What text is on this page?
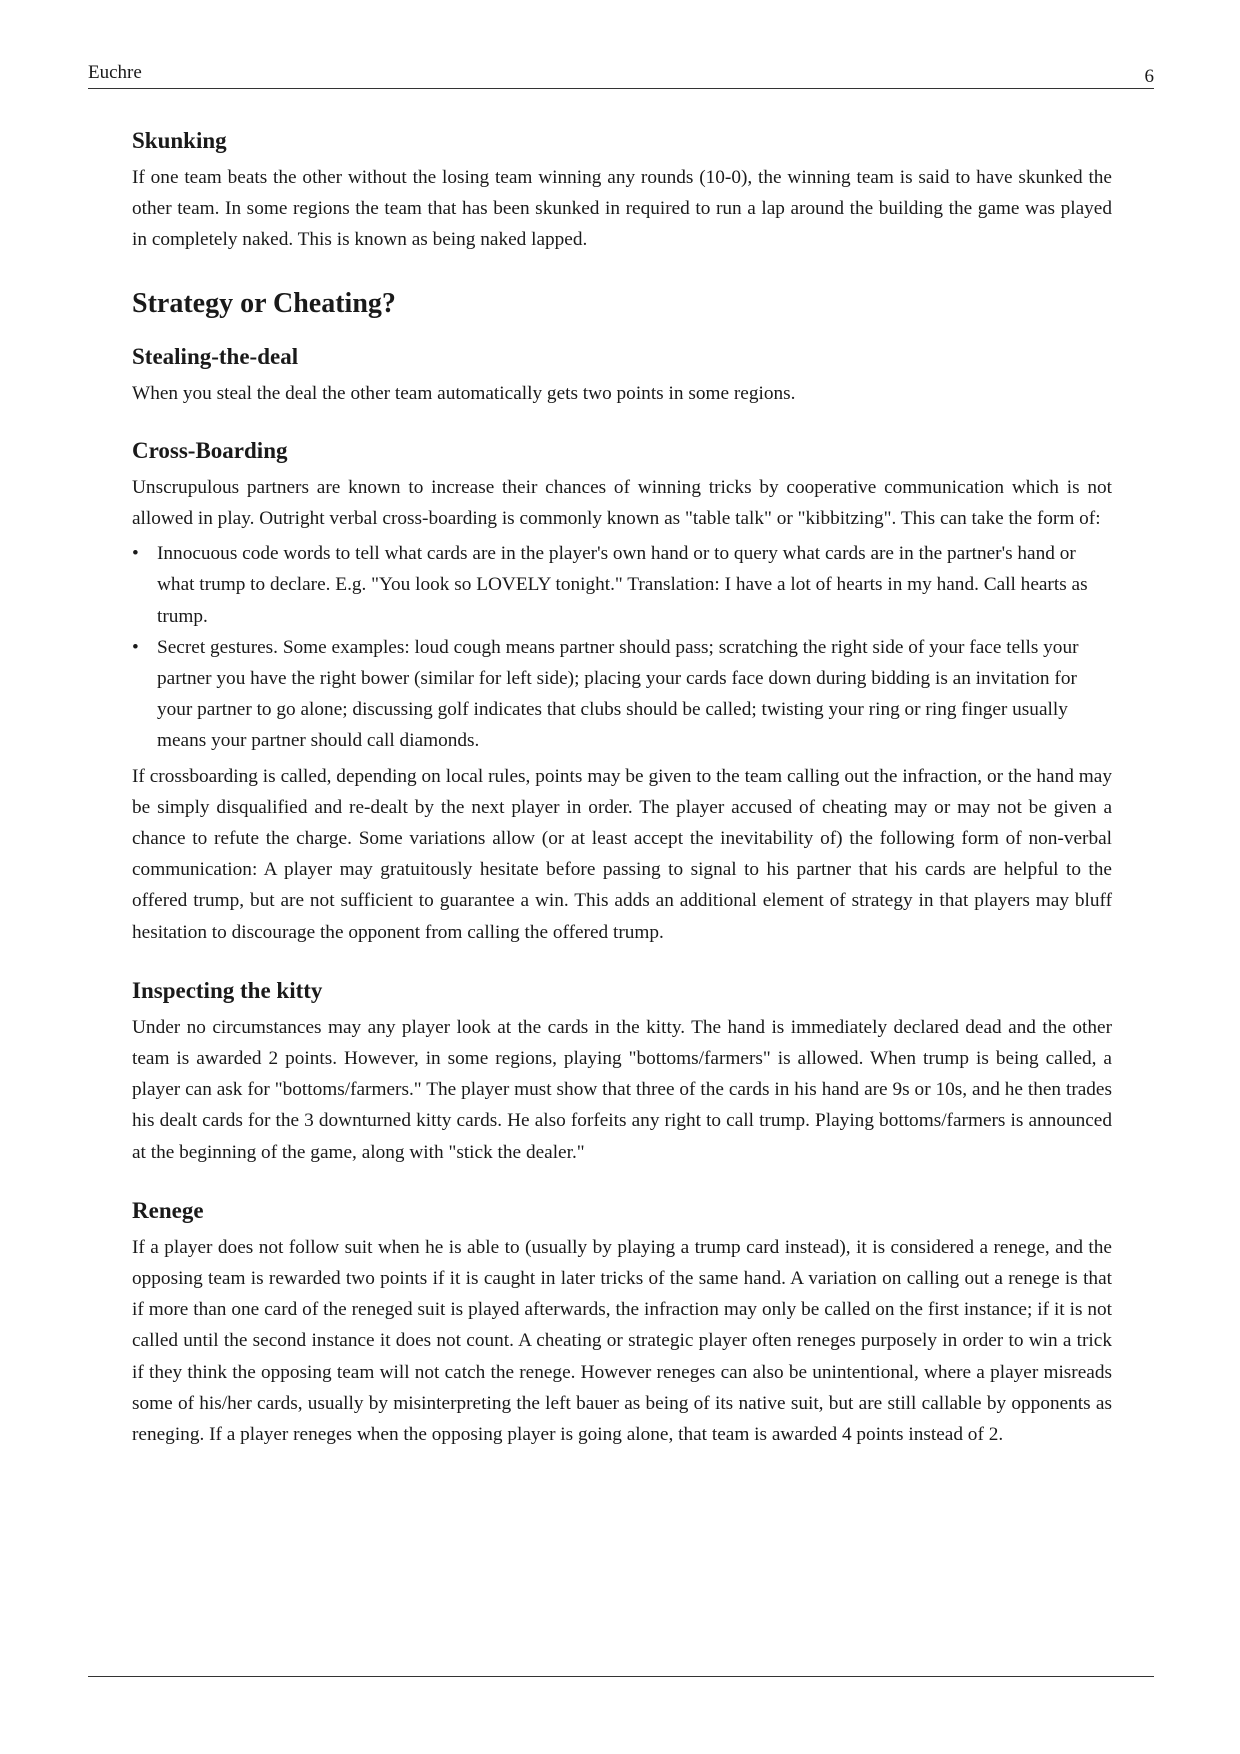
Euchre	6
Skunking

If one team beats the other without the losing team winning any rounds (10-0), the winning team is said to have skunked the other team. In some regions the team that has been skunked in required to run a lap around the building the game was played in completely naked. This is known as being naked lapped.

Strategy or Cheating?
Stealing-the-deal

When you steal the deal the other team automatically gets two points in some regions.

Cross-Boarding

Unscrupulous partners are known to increase their chances of winning tricks by cooperative communication which is not allowed in play. Outright verbal cross-boarding is commonly known as "table talk" or "kibbitzing". This can take the form of:

• Innocuous code words to tell what cards are in the player's own hand or to query what cards are in the partner's hand or what trump to declare. E.g. "You look so LOVELY tonight." Translation: I have a lot of hearts in my hand. Call hearts as trump.
• Secret gestures. Some examples: loud cough means partner should pass; scratching the right side of your face tells your partner you have the right bower (similar for left side); placing your cards face down during bidding is an invitation for your partner to go alone; discussing golf indicates that clubs should be called; twisting your ring or ring finger usually means your partner should call diamonds.

If crossboarding is called, depending on local rules, points may be given to the team calling out the infraction, or the hand may be simply disqualified and re-dealt by the next player in order. The player accused of cheating may or may not be given a chance to refute the charge. Some variations allow (or at least accept the inevitability of) the following form of non-verbal communication: A player may gratuitously hesitate before passing to signal to his partner that his cards are helpful to the offered trump, but are not sufficient to guarantee a win. This adds an additional element of strategy in that players may bluff hesitation to discourage the opponent from calling the offered trump.

Inspecting the kitty

Under no circumstances may any player look at the cards in the kitty. The hand is immediately declared dead and the other team is awarded 2 points. However, in some regions, playing "bottoms/farmers" is allowed. When trump is being called, a player can ask for "bottoms/farmers." The player must show that three of the cards in his hand are 9s or 10s, and he then trades his dealt cards for the 3 downturned kitty cards. He also forfeits any right to call trump. Playing bottoms/farmers is announced at the beginning of the game, along with "stick the dealer."

Renege

If a player does not follow suit when he is able to (usually by playing a trump card instead), it is considered a renege, and the opposing team is rewarded two points if it is caught in later tricks of the same hand. A variation on calling out a renege is that if more than one card of the reneged suit is played afterwards, the infraction may only be called on the first instance; if it is not called until the second instance it does not count. A cheating or strategic player often reneges purposely in order to win a trick if they think the opposing team will not catch the renege. However reneges can also be unintentional, where a player misreads some of his/her cards, usually by misinterpreting the left bauer as being of its native suit, but are still callable by opponents as reneging. If a player reneges when the opposing player is going alone, that team is awarded 4 points instead of 2.
